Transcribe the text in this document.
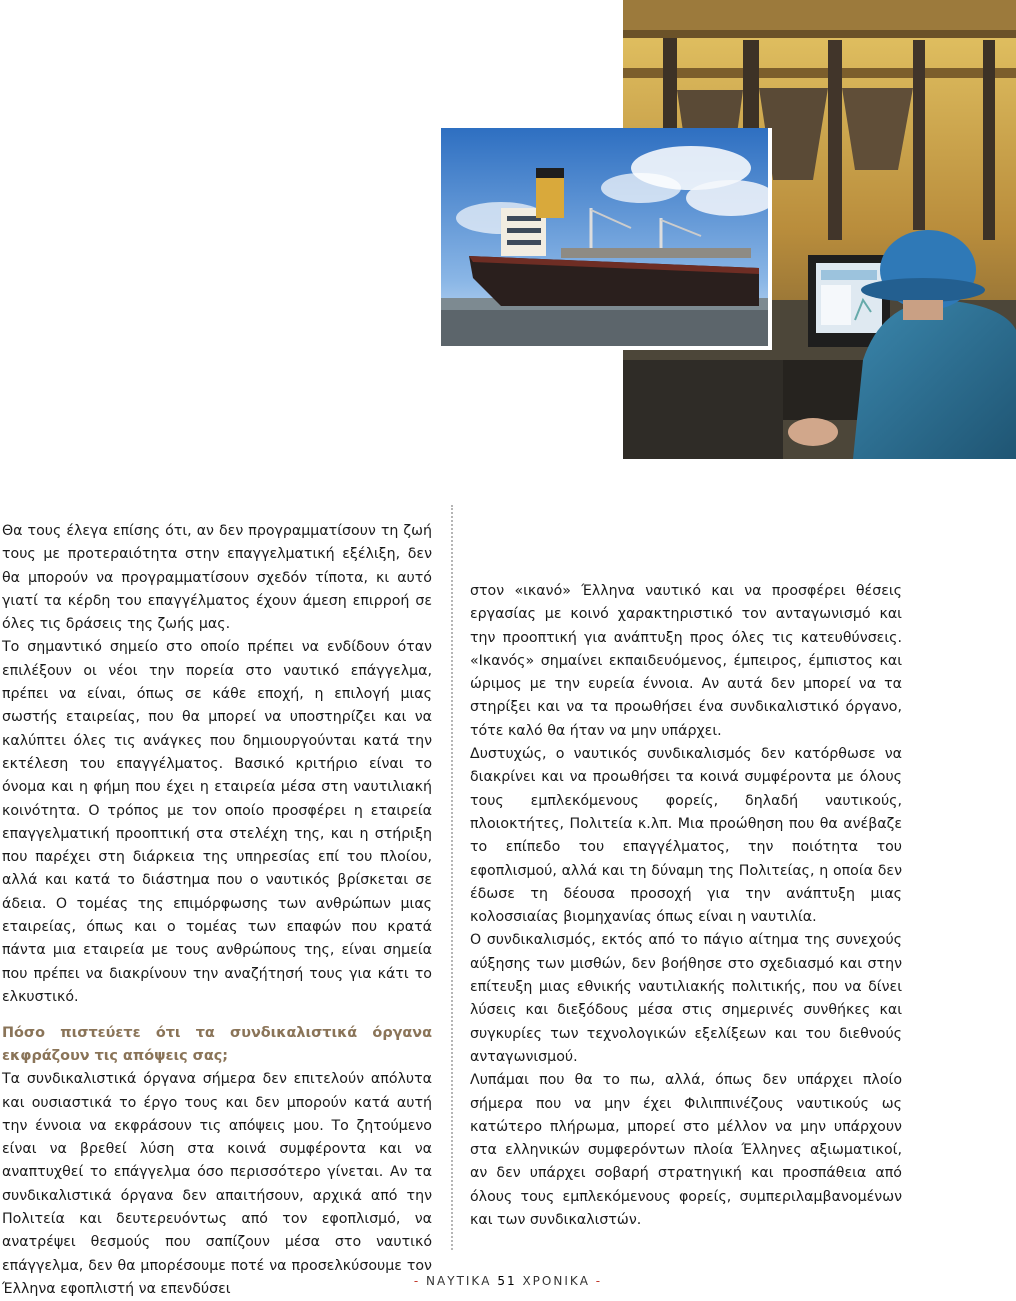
Θα τους έλεγα επίσης ότι, αν δεν προγραμματίσουν τη ζωή τους με προτεραιότητα στην επαγγελματική εξέλιξη, δεν θα μπορούν να προγραμματίσουν σχεδόν τίποτα, κι αυτό γιατί τα κέρδη του επαγγέλματος έχουν άμεση επιρροή σε όλες τις δράσεις της ζωής μας.

Το σημαντικό σημείο στο οποίο πρέπει να ενδίδουν όταν επιλέξουν οι νέοι την πορεία στο ναυτικό επάγγελμα, πρέπει να είναι, όπως σε κάθε εποχή, η επιλογή μιας σωστής εταιρείας, που θα μπορεί να υποστηρίζει και να καλύπτει όλες τις ανάγκες που δημιουργούνται κατά την εκτέλεση του επαγγέλματος. Βασικό κριτήριο είναι το όνομα και η φήμη που έχει η εταιρεία μέσα στη ναυτιλιακή κοινότητα. Ο τρόπος με τον οποίο προσφέρει η εταιρεία επαγγελματική προοπτική στα στελέχη της, και η στήριξη που παρέχει στη διάρκεια της υπηρεσίας επί του πλοίου, αλλά και κατά το διάστημα που ο ναυτικός βρίσκεται σε άδεια. Ο τομέας της επιμόρφωσης των ανθρώπων μιας εταιρείας, όπως και ο τομέας των επαφών που κρατά πάντα μια εταιρεία με τους ανθρώπους της, είναι σημεία που πρέπει να διακρίνουν την αναζήτησή τους για κάτι το ελκυστικό.

Πόσο πιστεύετε ότι τα συνδικαλιστικά όργανα εκφράζουν τις απόψεις σας;

Τα συνδικαλιστικά όργανα σήμερα δεν επιτελούν απόλυτα και ουσιαστικά το έργο τους και δεν μπορούν κατά αυτή την έννοια να εκφράσουν τις απόψεις μου. Το ζητούμενο είναι να βρεθεί λύση στα κοινά συμφέροντα και να αναπτυχθεί το επάγγελμα όσο περισσότερο γίνεται. Αν τα συνδικαλιστικά όργανα δεν απαιτήσουν, αρχικά από την Πολιτεία και δευτερευόντως από τον εφοπλισμό, να ανατρέψει θεσμούς που σαπίζουν μέσα στο ναυτικό επάγγελμα, δεν θα μπορέσουμε ποτέ να προσελκύσουμε τον Έλληνα εφοπλιστή να επενδύσει

στον «ικανό» Έλληνα ναυτικό και να προσφέρει θέσεις εργασίας με κοινό χαρακτηριστικό τον ανταγωνισμό και την προοπτική για ανάπτυξη προς όλες τις κατευθύνσεις. «Ικανός» σημαίνει εκπαιδευόμενος, έμπειρος, έμπιστος και ώριμος με την ευρεία έννοια. Αν αυτά δεν μπορεί να τα στηρίξει και να τα προωθήσει ένα συνδικαλιστικό όργανο, τότε καλό θα ήταν να μην υπάρχει.

Δυστυχώς, ο ναυτικός συνδικαλισμός δεν κατόρθωσε να διακρίνει και να προωθήσει τα κοινά συμφέροντα με όλους τους εμπλεκόμενους φορείς, δηλαδή ναυτικούς, πλοιοκτήτες, Πολιτεία κ.λπ. Μια προώθηση που θα ανέβαζε το επίπεδο του επαγγέλματος, την ποιότητα του εφοπλισμού, αλλά και τη δύναμη της Πολιτείας, η οποία δεν έδωσε τη δέουσα προσοχή για την ανάπτυξη μιας κολοσσιαίας βιομηχανίας όπως είναι η ναυτιλία.

Ο συνδικαλισμός, εκτός από το πάγιο αίτημα της συνεχούς αύξησης των μισθών, δεν βοήθησε στο σχεδιασμό και στην επίτευξη μιας εθνικής ναυτιλιακής πολιτικής, που να δίνει λύσεις και διεξόδους μέσα στις σημερινές συνθήκες και συγκυρίες των τεχνολογικών εξελίξεων και του διεθνούς ανταγωνισμού.

Λυπάμαι που θα το πω, αλλά, όπως δεν υπάρχει πλοίο σήμερα που να μην έχει Φιλιππινέζους ναυτικούς ως κατώτερο πλήρωμα, μπορεί στο μέλλον να μην υπάρχουν στα ελληνικών συμφερόντων πλοία Έλληνες αξιωματικοί, αν δεν υπάρχει σοβαρή στρατηγική και προσπάθεια από όλους τους εμπλεκόμενους φορείς, συμπεριλαμβανομένων και των συνδικαλιστών.

- ΝΑΥΤΙΚΑ 51 ΧΡΟΝΙΚΑ -
